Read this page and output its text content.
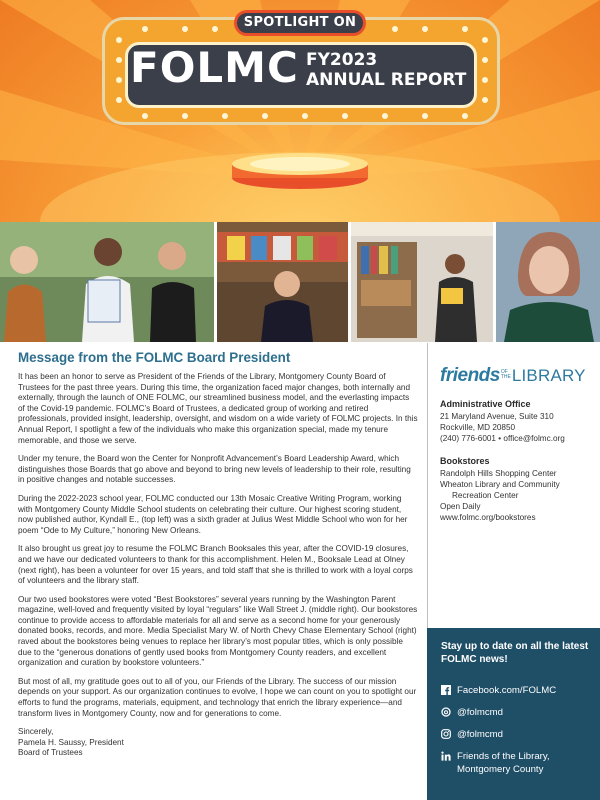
SPOTLIGHT ON
FOLMC FY2023
ANNUAL REPORT
Message from the FOLMC Board President

It has been an honor to serve as President of the Friends of the Library, Montgomery County Board of Trustees for the past three years. During this time, the organization faced major changes, both internally and externally, through the launch of ONE FOLMC, our streamlined business model, and the everlasting impacts of the Covid-19 pandemic. FOLMC’s Board of Trustees, a dedicated group of working and retired professionals, provided insight, leadership, oversight, and wisdom on a wide variety of FOLMC projects. In this Annual Report, I spotlight a few of the individuals who make this organization special, made my tenure memorable, and those we serve.

Under my tenure, the Board won the Center for Nonprofit Advancement’s Board Leadership Award, which distinguishes those Boards that go above and beyond to bring new levels of leadership to their role, resulting in positive changes and notable successes.

During the 2022-2023 school year, FOLMC conducted our 13th Mosaic Creative Writing Program, working with Montgomery County Middle School students on celebrating their culture. Our highest scoring student, now published author, Kyndall E., (top left) was a sixth grader at Julius West Middle School who won for her poem “Ode to My Culture,” honoring New Orleans.

It also brought us great joy to resume the FOLMC Branch Booksales this year, after the COVID-19 closures, and we have our dedicated volunteers to thank for this accomplishment. Helen M., Booksale Lead at Olney (next right), has been a volunteer for over 15 years, and told staff that she is thrilled to work with a loyal corps of volunteers and the library staff.

Our two used bookstores were voted “Best Bookstores” several years running by the Washington Parent magazine, well-loved and frequently visited by loyal “regulars” like Wall Street J. (middle right). Our bookstores continue to provide access to affordable materials for all and serve as a second home for your generously donated books, records, and more. Media Specialist Mary W. of North Chevy Chase Elementary School (right) raved about the bookstores being venues to replace her library’s most popular titles, which is only possible due to the “generous donations of gently used books from Montgomery County readers, and excellent organization and curation by bookstore volunteers.”

But most of all, my gratitude goes out to all of you, our Friends of the Library. The success of our mission depends on your support. As our organization continues to evolve, I hope we can count on you to spotlight our efforts to fund the programs, materials, equipment, and technology that enrich the library experience—and transform lives in Montgomery County, now and for generations to come.

Sincerely,

Pamela H. Saussy, President

Board of Trustees

friendsOF THELIBRARY
Administrative Office
21 Maryland Avenue, Suite 310
Rockville, MD 20850
(240) 776-6001 • office@folmc.org
Bookstores
Randolph Hills Shopping Center
Wheaton Library and Community
Recreation Center
Open Daily
www.folmc.org/bookstores
Stay up to date on all the latest FOLMC news!
Facebook.com/FOLMC
@folmcmd
@folmcmd
Friends of the Library,
Montgomery County
